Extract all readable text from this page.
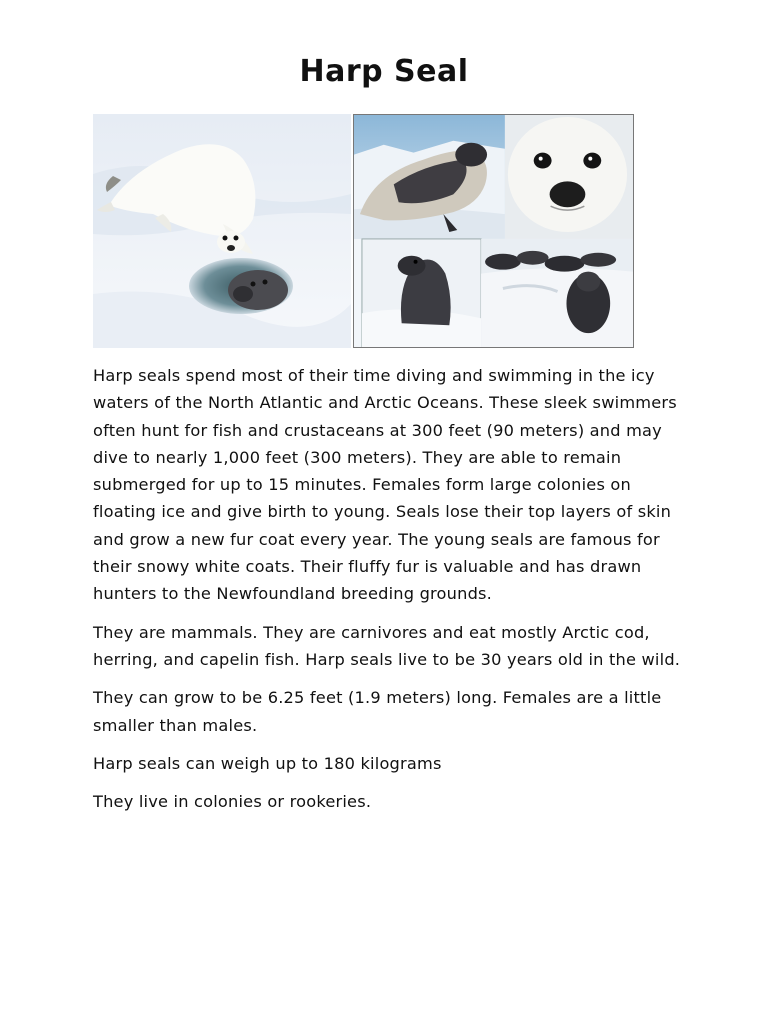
Harp Seal

Harp seals spend most of their time diving and swimming in the icy waters of the North Atlantic and Arctic Oceans. These sleek swimmers often hunt for fish and crustaceans at 300 feet (90 meters) and may dive to nearly 1,000 feet (300 meters). They are able to remain submerged for up to 15 minutes. Females form large colonies on floating ice and give birth to young. Seals lose their top layers of skin and grow a new fur coat every year. The young seals are famous for their snowy white coats. Their fluffy fur is valuable and has drawn hunters to the Newfoundland breeding grounds.

They are mammals. They are carnivores and eat mostly Arctic cod, herring, and capelin fish. Harp seals live to be 30 years old in the wild.

They can grow to be 6.25 feet (1.9 meters) long. Females are a little smaller than males.

Harp seals can weigh up to 180 kilograms

They live in colonies or rookeries.
